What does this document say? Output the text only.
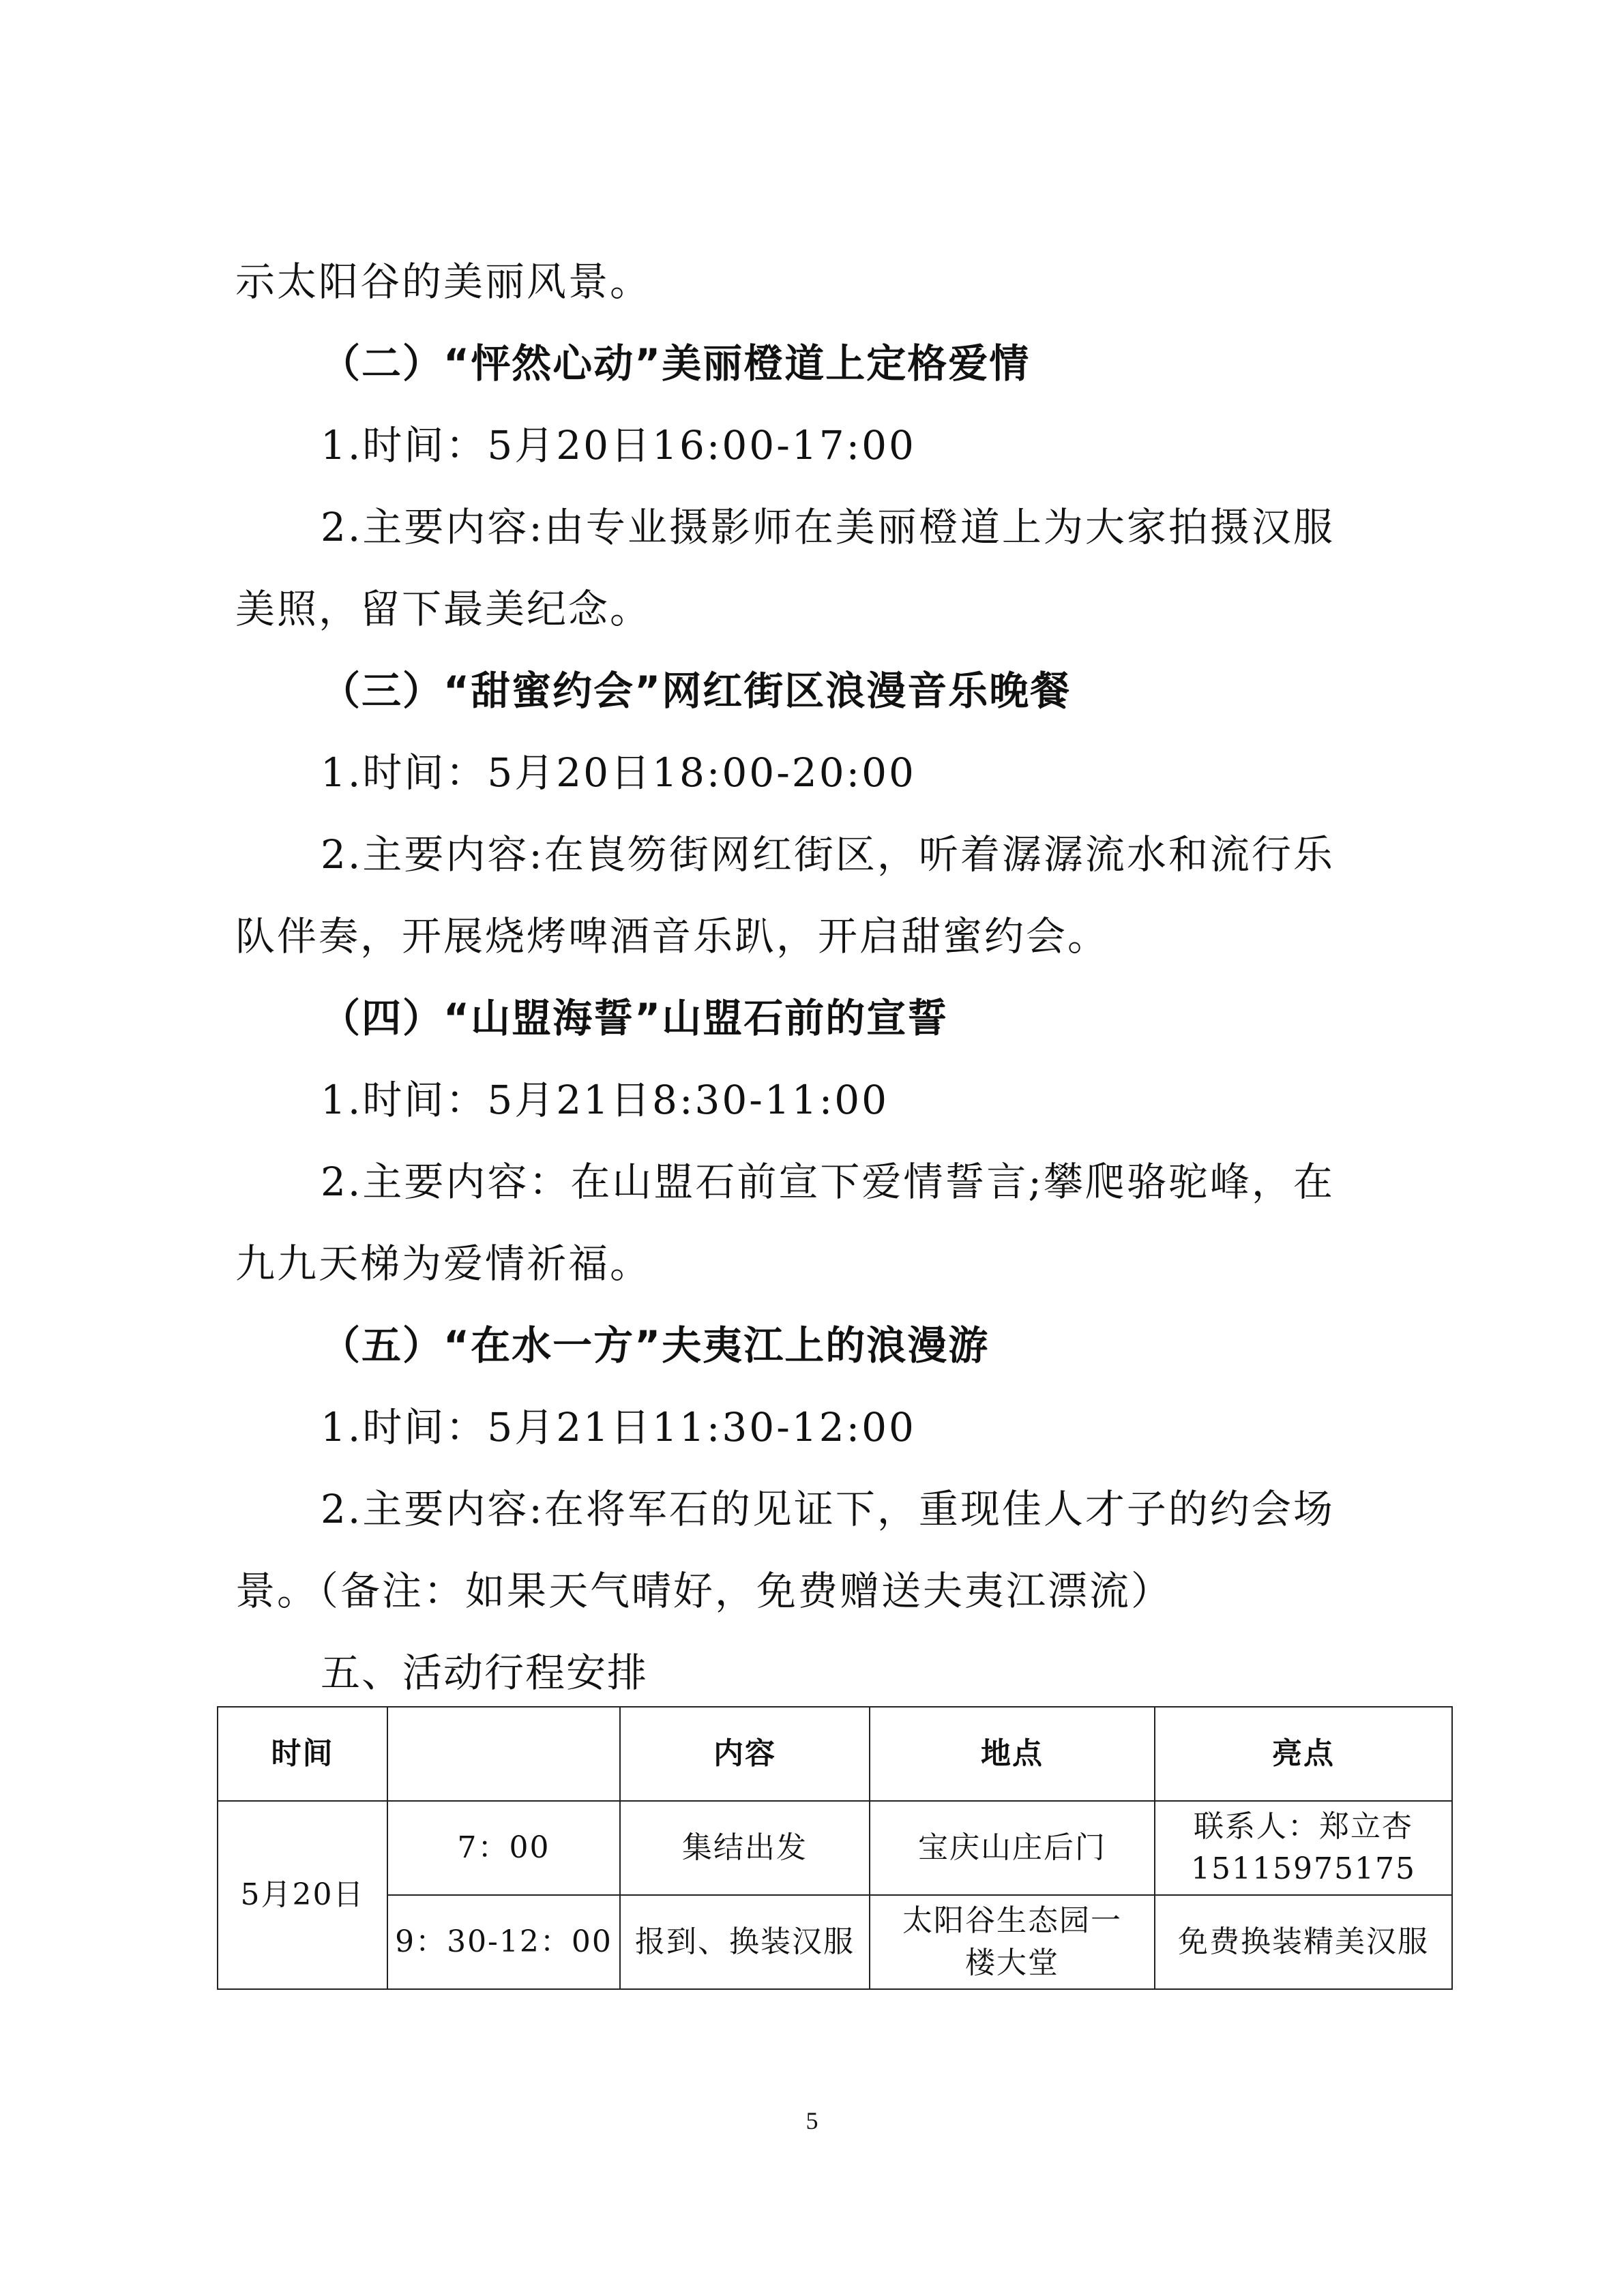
示太阳谷的美丽风景。

（二）“怦然心动”美丽橙道上定格爱情

1.时间：5月20日16:00-17:00

2.主要内容:由专业摄影师在美丽橙道上为大家拍摄汉服

美照，留下最美纪念。

（三）“甜蜜约会”网红街区浪漫音乐晚餐

1.时间：5月20日18:00-20:00

2.主要内容:在崀笏街网红街区，听着潺潺流水和流行乐

队伴奏，开展烧烤啤酒音乐趴，开启甜蜜约会。

（四）“山盟海誓”山盟石前的宣誓

1.时间：5月21日8:30-11:00

2.主要内容：在山盟石前宣下爱情誓言;攀爬骆驼峰，在

九九天梯为爱情祈福。

（五）“在水一方”夫夷江上的浪漫游

1.时间：5月21日11:30-12:00

2.主要内容:在将军石的见证下，重现佳人才子的约会场

景。（备注：如果天气晴好，免费赠送夫夷江漂流）

五、活动行程安排

时间		内容	地点	亮点
5月20日	7：00	集结出发	宝庆山庄后门	联系人：郑立杏
15115975175

	9：30-12：00	报到、换装汉服	太阳谷生态园一
楼大堂	免费换装精美汉服
5
